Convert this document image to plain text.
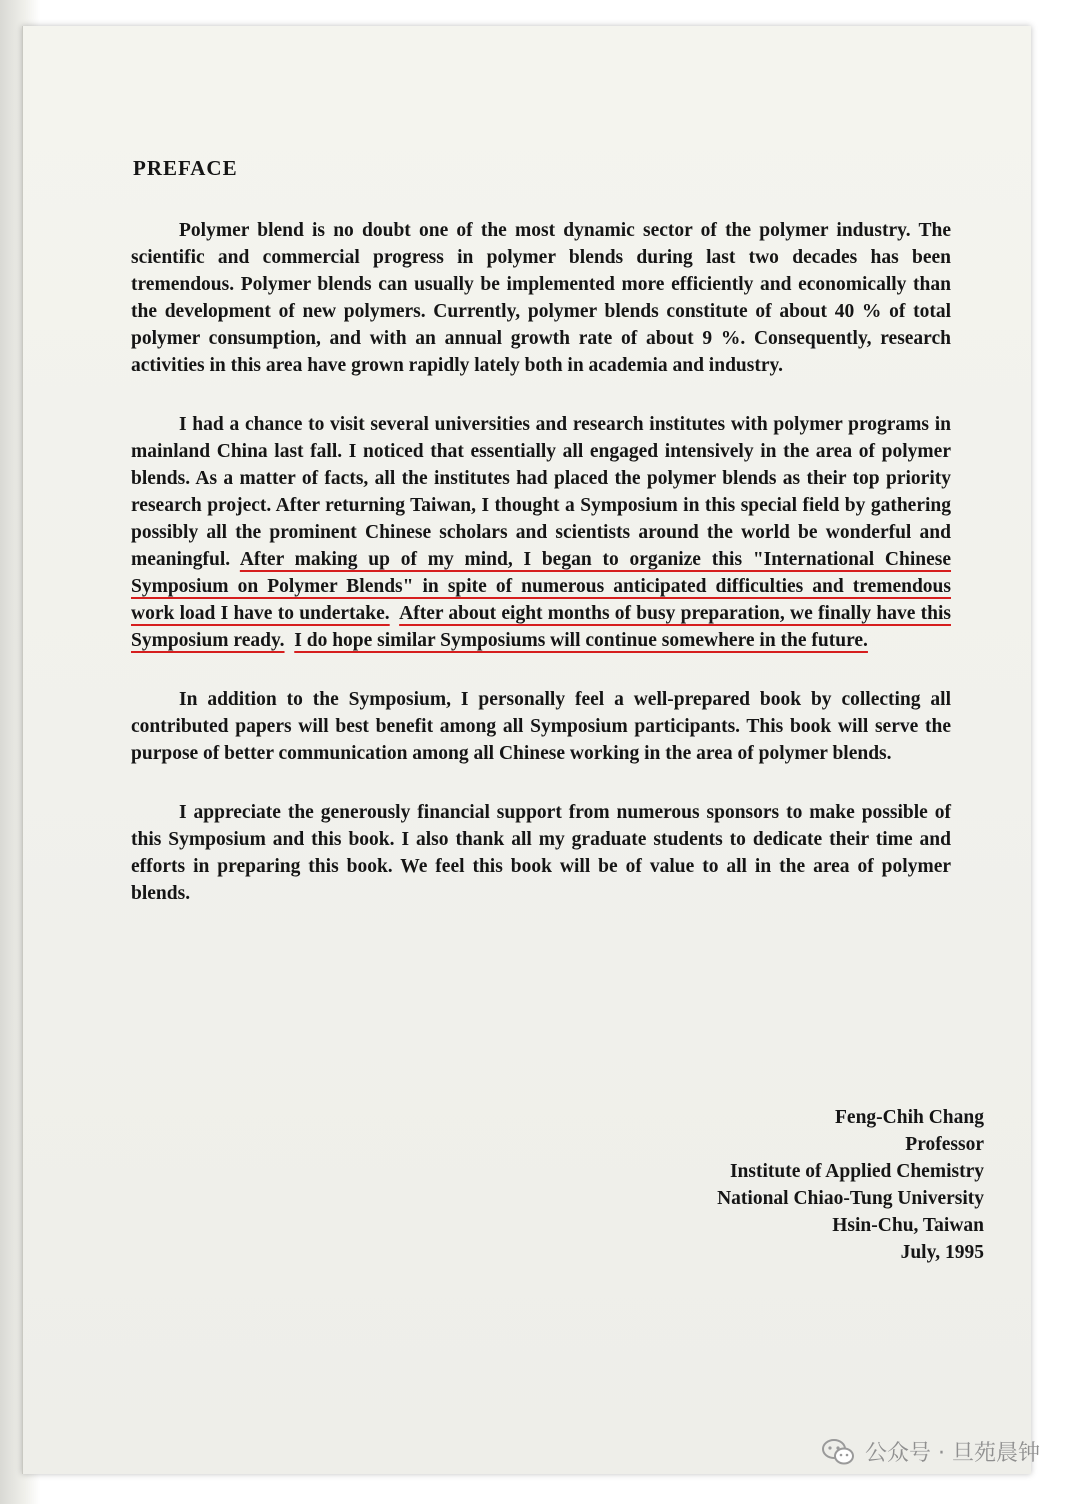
PREFACE

Polymer blend is no doubt one of the most dynamic sector of the polymer industry. The scientific and commercial progress in polymer blends during last two decades has been tremendous. Polymer blends can usually be implemented more efficiently and economically than the development of new polymers. Currently, polymer blends constitute of about 40 % of total polymer consumption, and with an annual growth rate of about 9 %. Consequently, research activities in this area have grown rapidly lately both in academia and industry.

I had a chance to visit several universities and research institutes with polymer programs in mainland China last fall. I noticed that essentially all engaged intensively in the area of polymer blends. As a matter of facts, all the institutes had placed the polymer blends as their top priority research project. After returning Taiwan, I thought a Symposium in this special field by gathering possibly all the prominent Chinese scholars and scientists around the world be wonderful and meaningful. After making up of my mind, I began to organize this "International Chinese Symposium on Polymer Blends" in spite of numerous anticipated difficulties and tremendous work load I have to undertake. After about eight months of busy preparation, we finally have this Symposium ready. I do hope similar Symposiums will continue somewhere in the future.

In addition to the Symposium, I personally feel a well-prepared book by collecting all contributed papers will best benefit among all Symposium participants. This book will serve the purpose of better communication among all Chinese working in the area of polymer blends.

I appreciate the generously financial support from numerous sponsors to make possible of this Symposium and this book. I also thank all my graduate students to dedicate their time and efforts in preparing this book. We feel this book will be of value to all in the area of polymer blends.

Feng-Chih Chang
Professor
Institute of Applied Chemistry
National Chiao-Tung University
Hsin-Chu, Taiwan
July, 1995
公众号 · 旦苑晨钟
